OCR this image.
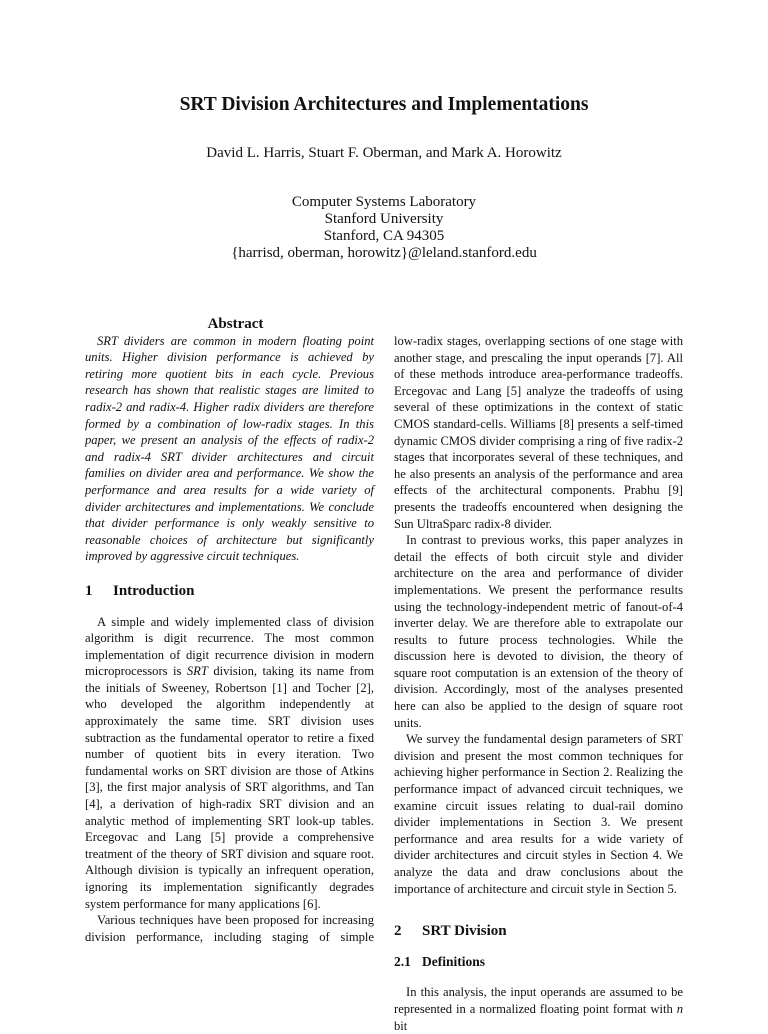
SRT Division Architectures and Implementations
David L. Harris, Stuart F. Oberman, and Mark A. Horowitz
Computer Systems Laboratory
Stanford University
Stanford, CA 94305
{harrisd, oberman, horowitz}@leland.stanford.edu

Abstract

SRT dividers are common in modern floating point units. Higher division performance is achieved by retiring more quotient bits in each cycle. Previous research has shown that realistic stages are limited to radix-2 and radix-4. Higher radix dividers are therefore formed by a combination of low-radix stages. In this paper, we present an analysis of the effects of radix-2 and radix-4 SRT divider architectures and circuit families on divider area and performance. We show the performance and area results for a wide variety of divider architectures and implementations. We conclude that divider performance is only weakly sensitive to reasonable choices of architecture but significantly improved by aggressive circuit techniques.

1 Introduction

A simple and widely implemented class of division algorithm is digit recurrence. The most common implementation of digit recurrence division in modern microprocessors is SRT division, taking its name from the initials of Sweeney, Robertson [1] and Tocher [2], who developed the algorithm independently at approximately the same time. SRT division uses subtraction as the fundamental operator to retire a fixed number of quotient bits in every iteration. Two fundamental works on SRT division are those of Atkins [3], the first major analysis of SRT algorithms, and Tan [4], a derivation of high-radix SRT division and an analytic method of implementing SRT look-up tables. Ercegovac and Lang [5] provide a comprehensive treatment of the theory of SRT division and square root. Although division is typically an infrequent operation, ignoring its implementation significantly degrades system performance for many applications [6].

Various techniques have been proposed for increasing division performance, including staging of simple

low-radix stages, overlapping sections of one stage with another stage, and prescaling the input operands [7]. All of these methods introduce area-performance tradeoffs. Ercegovac and Lang [5] analyze the tradeoffs of using several of these optimizations in the context of static CMOS standard-cells. Williams [8] presents a self-timed dynamic CMOS divider comprising a ring of five radix-2 stages that incorporates several of these techniques, and he also presents an analysis of the performance and area effects of the architectural components. Prabhu [9] presents the tradeoffs encountered when designing the Sun UltraSparc radix-8 divider.

In contrast to previous works, this paper analyzes in detail the effects of both circuit style and divider architecture on the area and performance of divider implementations. We present the performance results using the technology-independent metric of fanout-of-4 inverter delay. We are therefore able to extrapolate our results to future process technologies. While the discussion here is devoted to division, the theory of square root computation is an extension of the theory of division. Accordingly, most of the analyses presented here can also be applied to the design of square root units.

We survey the fundamental design parameters of SRT division and present the most common techniques for achieving higher performance in Section 2. Realizing the performance impact of advanced circuit techniques, we examine circuit issues relating to dual-rail domino divider implementations in Section 3. We present performance and area results for a wide variety of divider architectures and circuit styles in Section 4. We analyze the data and draw conclusions about the importance of architecture and circuit style in Section 5.

2 SRT Division
2.1 Definitions

In this analysis, the input operands are assumed to be represented in a normalized floating point format with n bit
